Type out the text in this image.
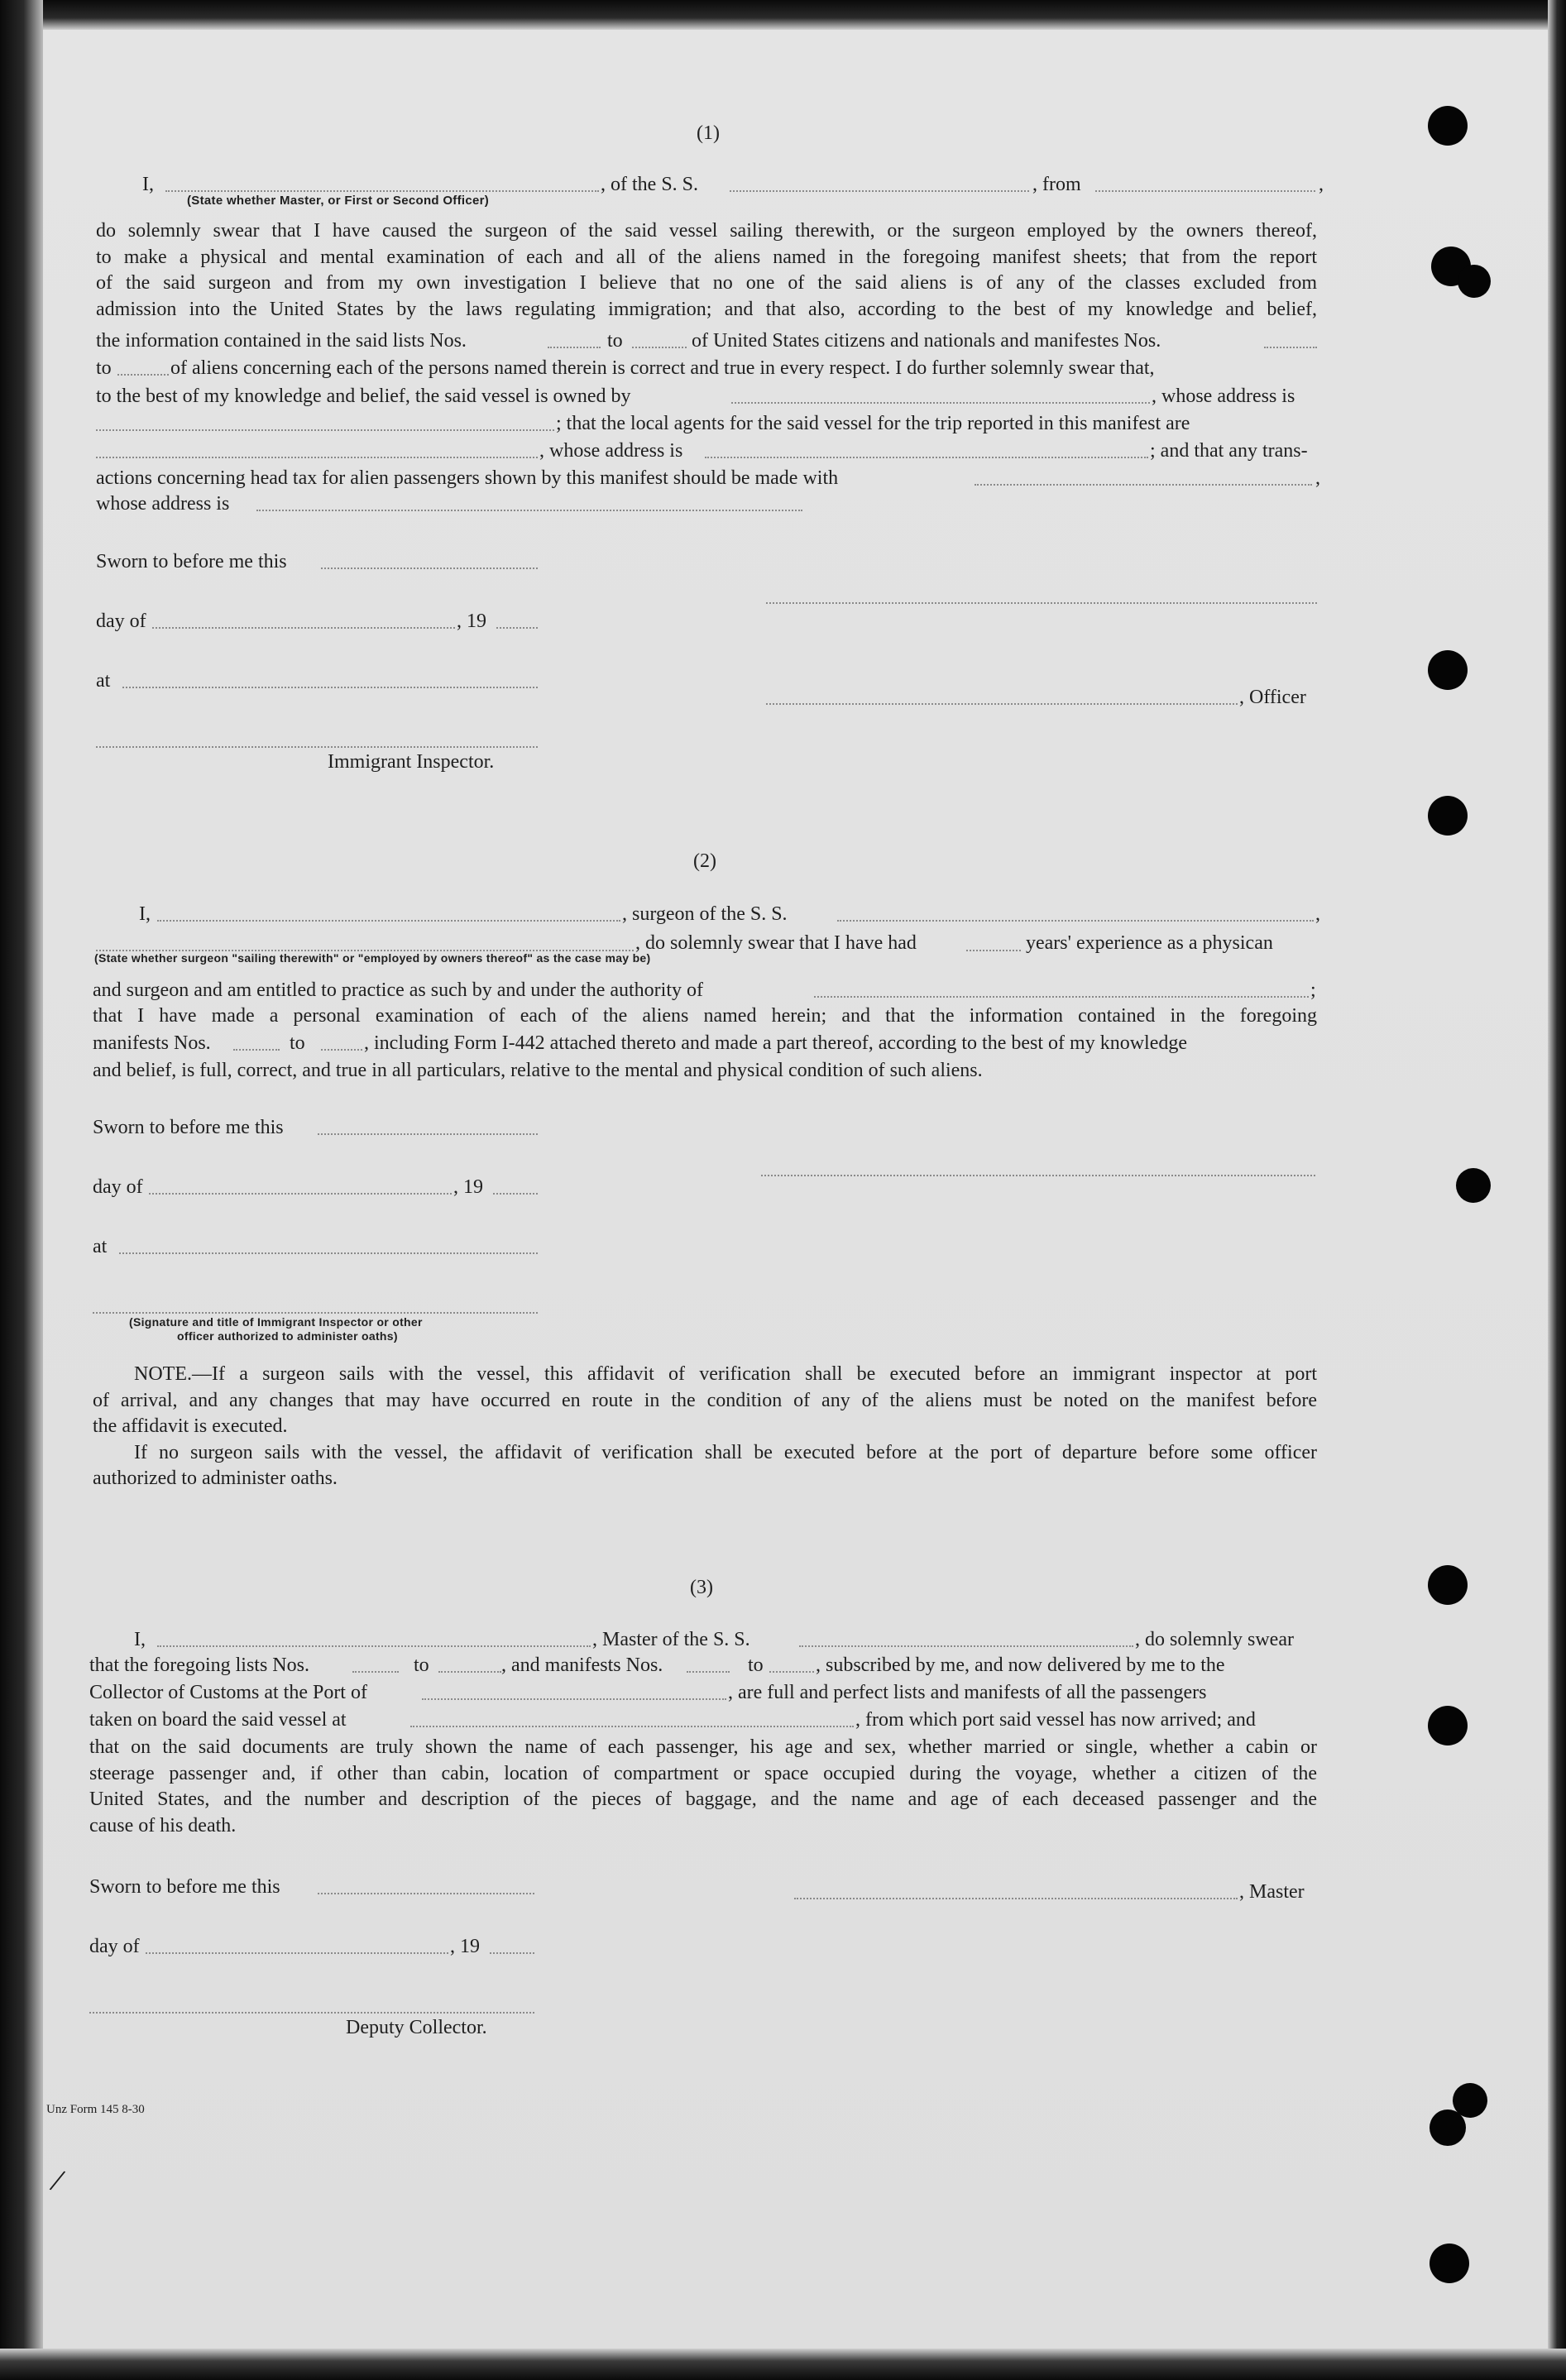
(1)
I,	, of the S. S.	, from	,
(State whether Master, or First or Second Officer)
do solemnly swear that I have caused the surgeon of the said vessel sailing therewith, or the surgeon employed by the owners thereof,
to make a physical and mental examination of each and all of the aliens named in the foregoing manifest sheets; that from the report
of the said surgeon and from my own investigation I believe that no one of the said aliens is of any of the classes excluded from
admission into the United States by the laws regulating immigration; and that also, according to the best of my knowledge and belief,
the information contained in the said lists Nos.	to	of United States citizens and nationals and manifestes Nos.
to	of aliens concerning each of the persons named therein is correct and true in every respect. I do further solemnly swear that,
to the best of my knowledge and belief, the said vessel is owned by	, whose address is
; that the local agents for the said vessel for the trip reported in this manifest are
, whose address is	; and that any trans-
actions concerning head tax for alien passengers shown by this manifest should be made with	,
whose address is
Sworn to before me this
day of	, 19
at
, Officer
Immigrant Inspector.
(2)
I,	, surgeon of the S. S.	,
, do solemnly swear that I have had	years' experience as a physican
(State whether surgeon "sailing therewith" or "employed by owners thereof" as the case may be)
and surgeon and am entitled to practice as such by and under the authority of	;
that I have made a personal examination of each of the aliens named herein; and that the information contained in the foregoing
manifests Nos.	to	, including Form I-442 attached thereto and made a part thereof, according to the best of my knowledge
and belief, is full, correct, and true in all particulars, relative to the mental and physical condition of such aliens.
Sworn to before me this
day of	, 19
at
(Signature and title of Immigrant Inspector or other
officer authorized to administer oaths)
NOTE.—If a surgeon sails with the vessel, this affidavit of verification shall be executed before an immigrant inspector at port
of arrival, and any changes that may have occurred en route in the condition of any of the aliens must be noted on the manifest before
the affidavit is executed.
If no surgeon sails with the vessel, the affidavit of verification shall be executed before at the port of departure before some officer
authorized to administer oaths.
(3)
I,	, Master of the S. S.	, do solemnly swear
that the foregoing lists Nos.	to	, and manifests Nos.	to	, subscribed by me, and now delivered by me to the
Collector of Customs at the Port of	, are full and perfect lists and manifests of all the passengers
taken on board the said vessel at	, from which port said vessel has now arrived; and
that on the said documents are truly shown the name of each passenger, his age and sex, whether married or single, whether a cabin or
steerage passenger and, if other than cabin, location of compartment or space occupied during the voyage, whether a citizen of the
United States, and the number and description of the pieces of baggage, and the name and age of each deceased passenger and the
cause of his death.
Sworn to before me this	, Master
day of	, 19
Deputy Collector.
Unz Form 145 8-30
/
